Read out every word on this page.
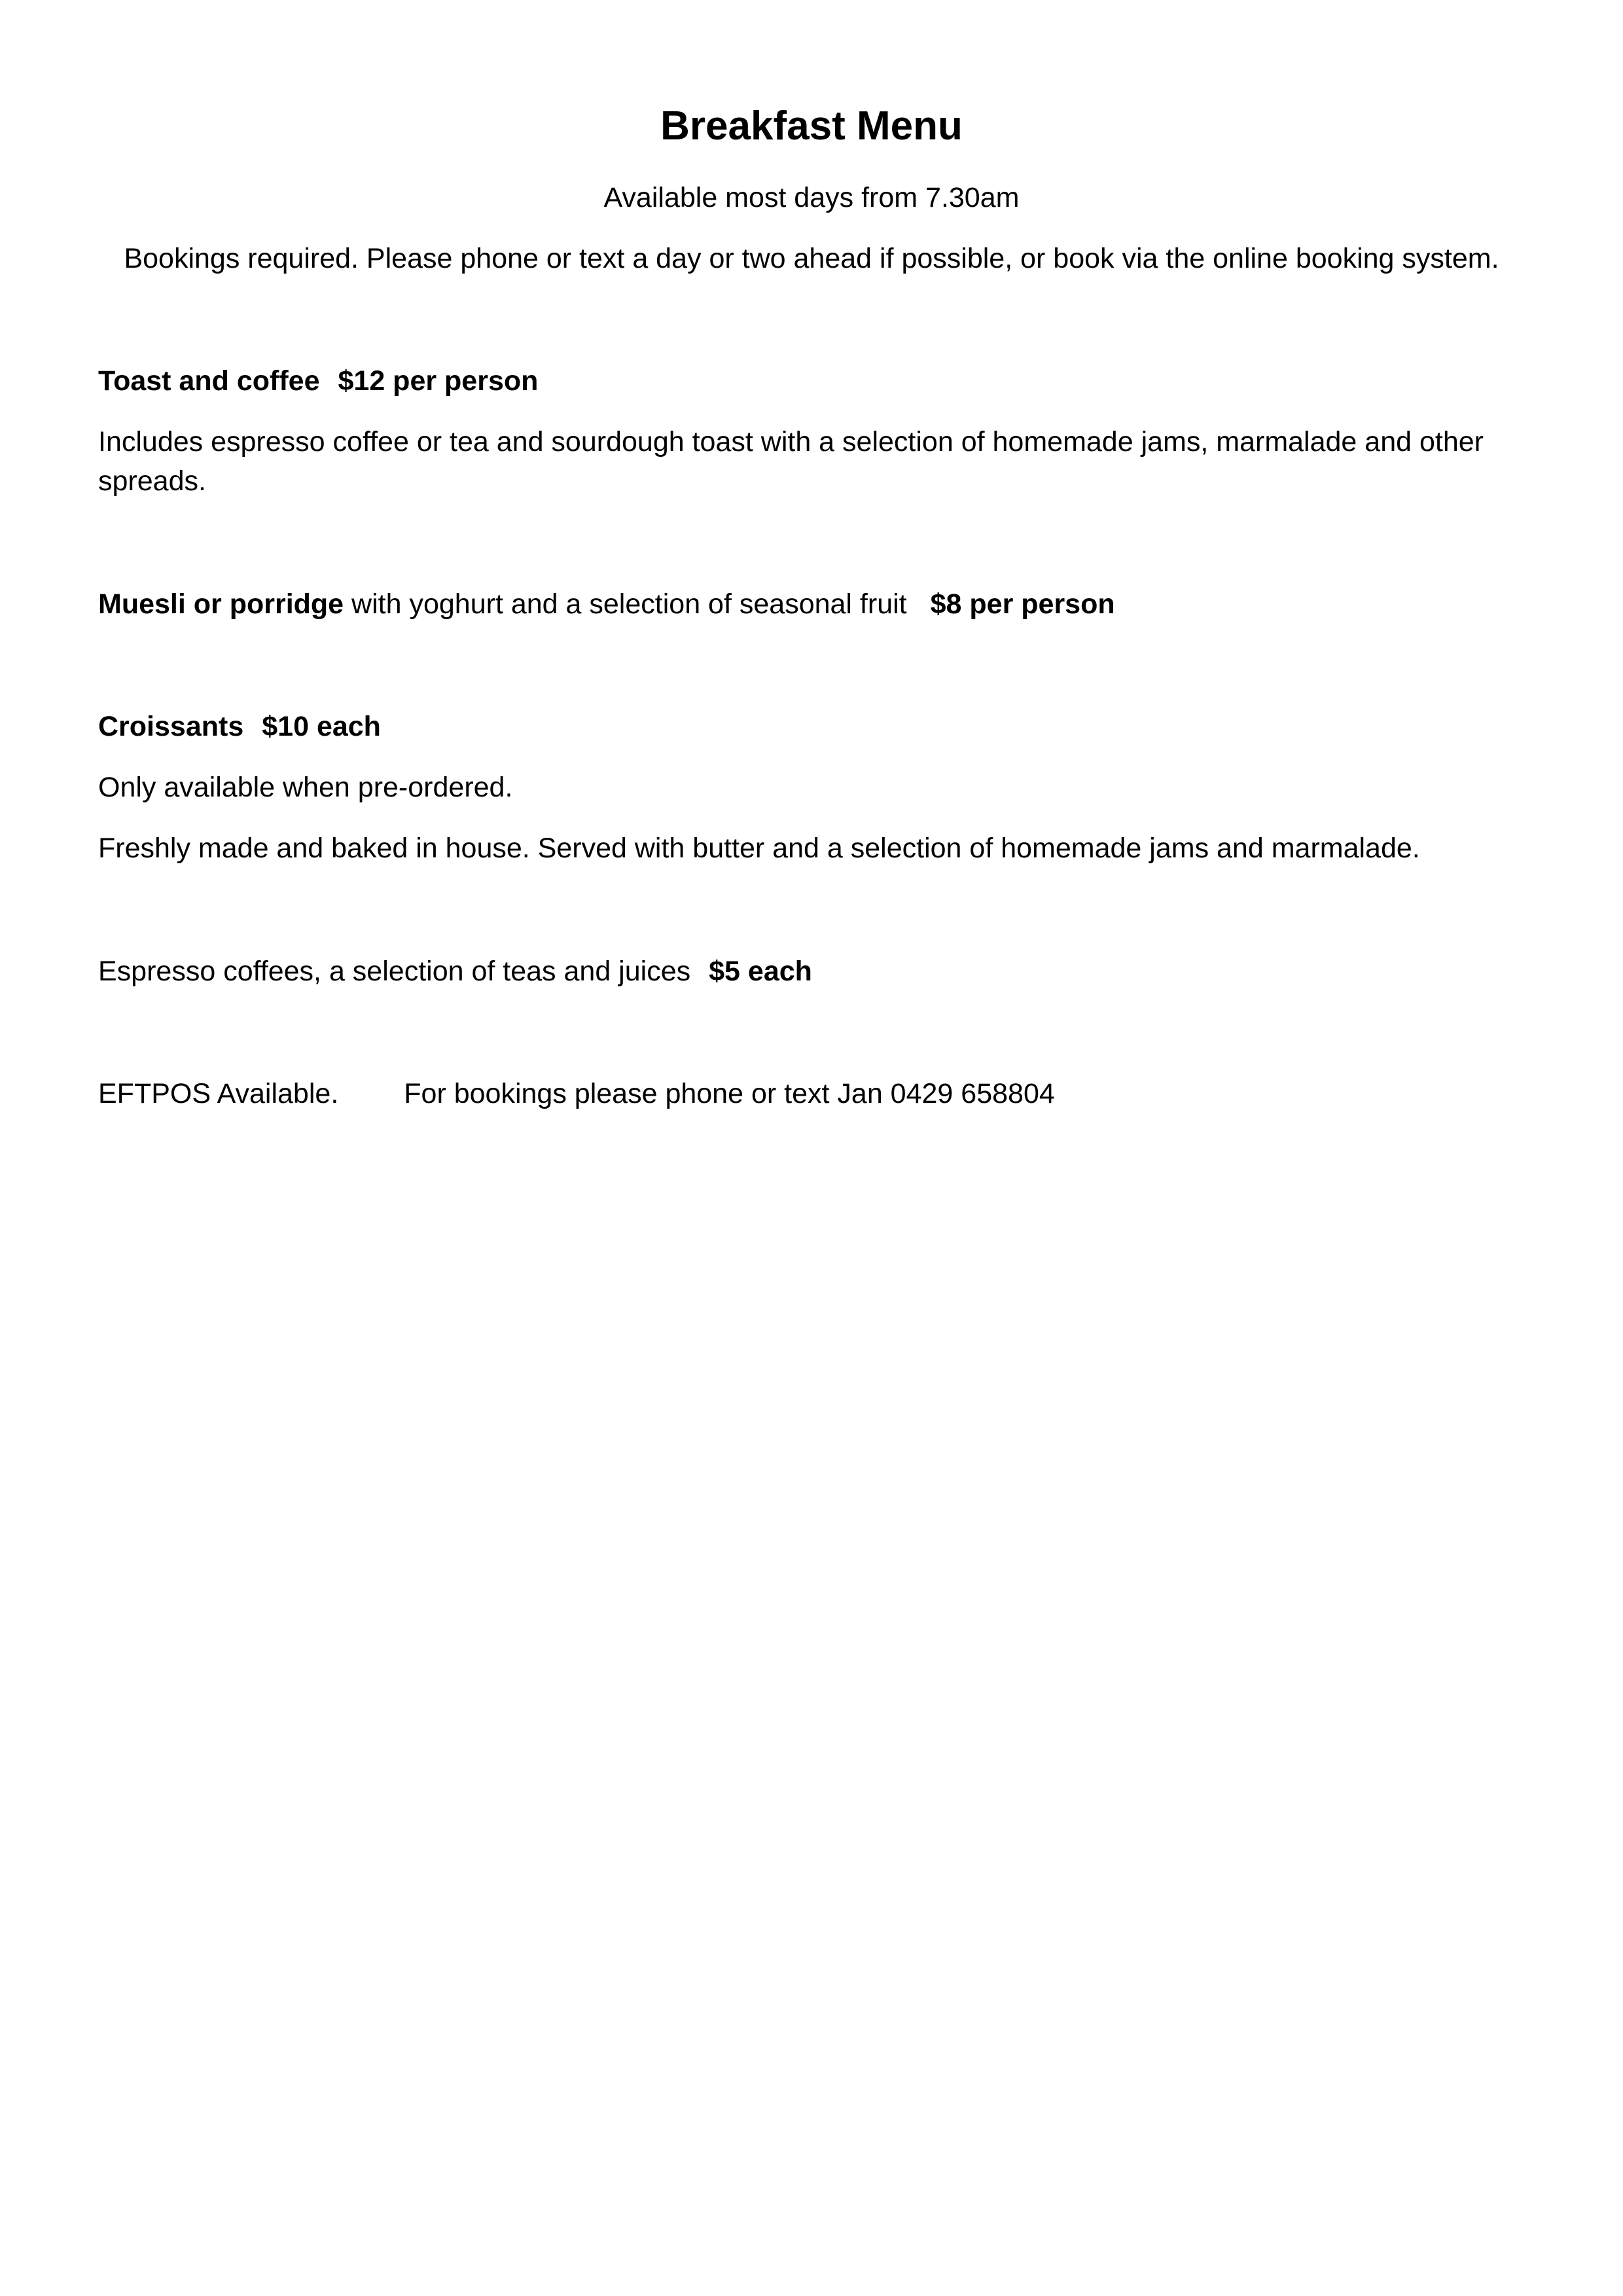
Breakfast Menu
Available most days from 7.30am
Bookings required. Please phone or text a day or two ahead if possible, or book via the online booking system.
Toast and coffee $12 per person
Includes espresso coffee or tea and sourdough toast with a selection of homemade jams, marmalade and other spreads.
Muesli or porridge with yoghurt and a selection of seasonal fruit $8 per person
Croissants $10 each
Only available when pre-ordered.
Freshly made and baked in house. Served with butter and a selection of homemade jams and marmalade.
Espresso coffees, a selection of teas and juices $5 each
EFTPOS Available. For bookings please phone or text Jan 0429 658804
